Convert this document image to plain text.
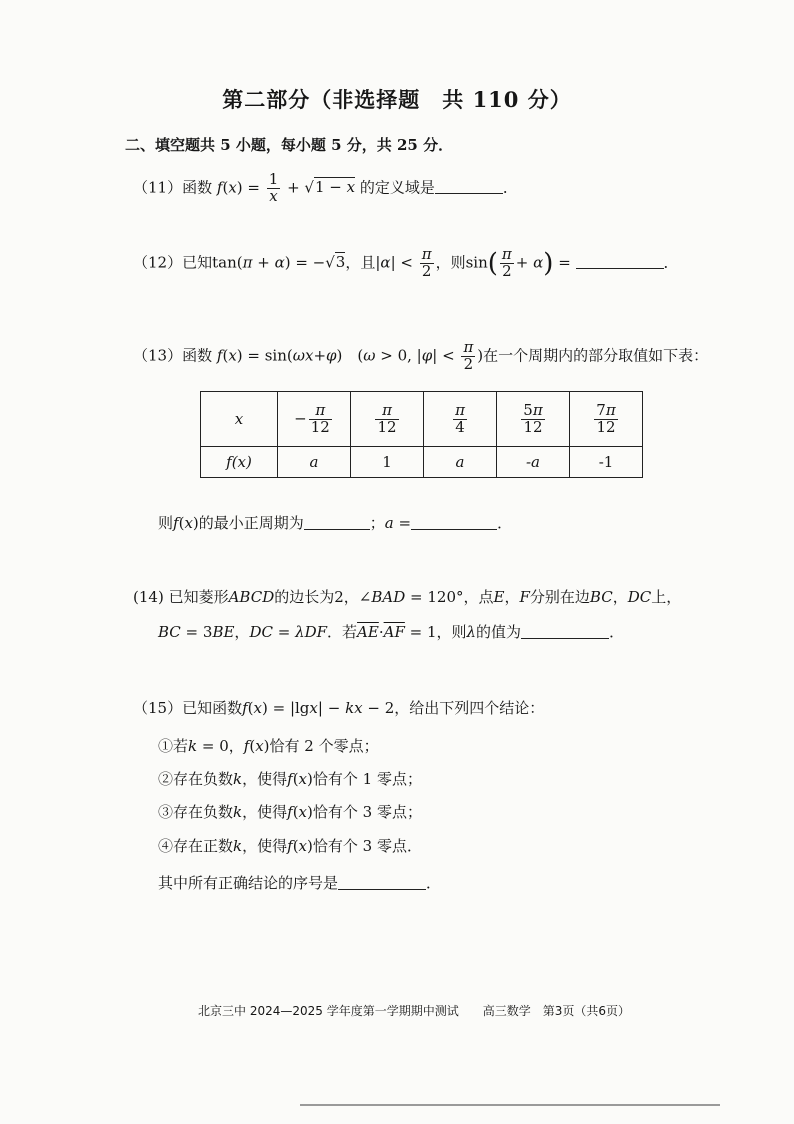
第二部分（非选择题　共 110 分）
二、填空题共 5 小题，每小题 5 分，共 25 分．
（11）函数 $f(x) = \frac{1}{x} + √1 - x$ 的定义域是	．
（12）已知tan(π + α) = −√3，且$|\alpha| < \frac{\pi}{2}$ ，则$\sin( \frac{\pi}{2} + \alpha)$ =	．
（13）函数 f(x) = sin(ωx+φ)　(ω > 0, $|\varphi| < \frac{\pi}{2}$ )在一个周期内的部分取值如下表：
x	− $\frac{\pi}{12}$	$\frac{\pi}{12}$	$\frac{\pi}{4}$	$\frac{5\pi}{12}$	$\frac{7\pi}{12}$

f(x)	a	1	a	-a	-1
则f(x)的最小正周期为	；a =	．
(14) 已知菱形ABCD的边长为2，∠BAD = 120°，点E，F分别在边BC，DC上，
BC = 3BE，DC = λDF．若$\overline{AE}\cdot\overline{AF} = 1$，则λ的值为	．
（15）已知函数f(x) = |lgx| − kx − 2，给出下列四个结论：
①若k = 0，f(x)恰有 2 个零点；
②存在负数k，使得f(x)恰有个 1 零点；
③存在负数k，使得f(x)恰有个 3 零点；
④存在正数k，使得f(x)恰有个 3 零点．
其中所有正确结论的序号是	．
北京三中 2024—2025 学年度第一学期期中测试　　高三数学　第3页（共6页）
